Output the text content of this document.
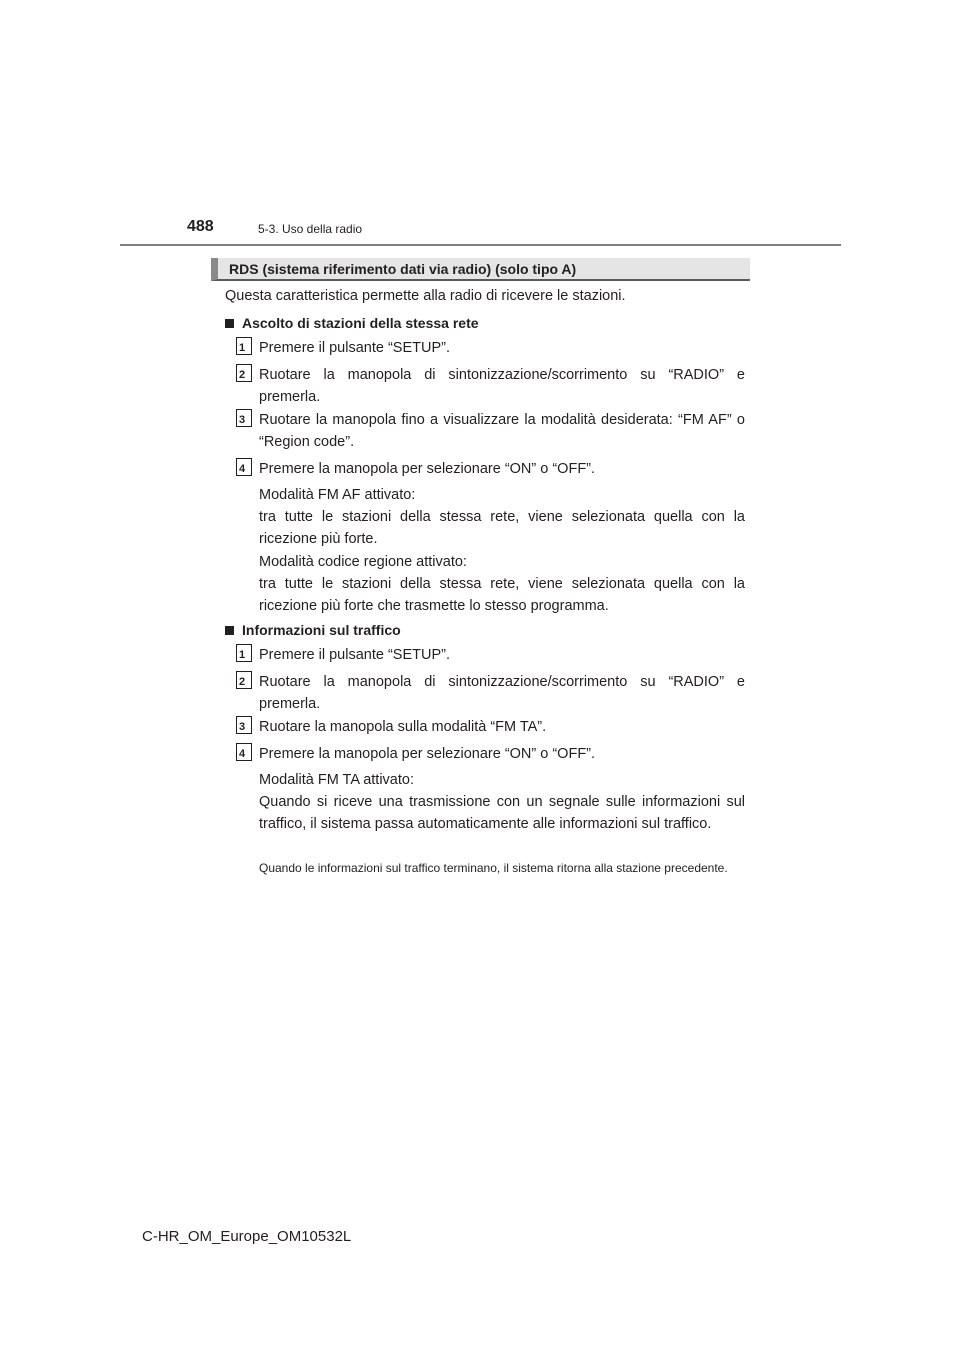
488	5-3. Uso della radio
RDS (sistema riferimento dati via radio) (solo tipo A)
Questa caratteristica permette alla radio di ricevere le stazioni.
Ascolto di stazioni della stessa rete
1 Premere il pulsante “SETUP”.
2 Ruotare la manopola di sintonizzazione/scorrimento su “RADIO” e premerla.
3 Ruotare la manopola fino a visualizzare la modalità desiderata: “FM AF” o “Region code”.
4 Premere la manopola per selezionare “ON” o “OFF”.
Modalità FM AF attivato:
tra tutte le stazioni della stessa rete, viene selezionata quella con la ricezione più forte.
Modalità codice regione attivato:
tra tutte le stazioni della stessa rete, viene selezionata quella con la ricezione più forte che trasmette lo stesso programma.
Informazioni sul traffico
1 Premere il pulsante “SETUP”.
2 Ruotare la manopola di sintonizzazione/scorrimento su “RADIO” e premerla.
3 Ruotare la manopola sulla modalità “FM TA”.
4 Premere la manopola per selezionare “ON” o “OFF”.
Modalità FM TA attivato:
Quando si riceve una trasmissione con un segnale sulle informazioni sul traffico, il sistema passa automaticamente alle informazioni sul traffico.
Quando le informazioni sul traffico terminano, il sistema ritorna alla stazione precedente.
C-HR_OM_Europe_OM10532L
